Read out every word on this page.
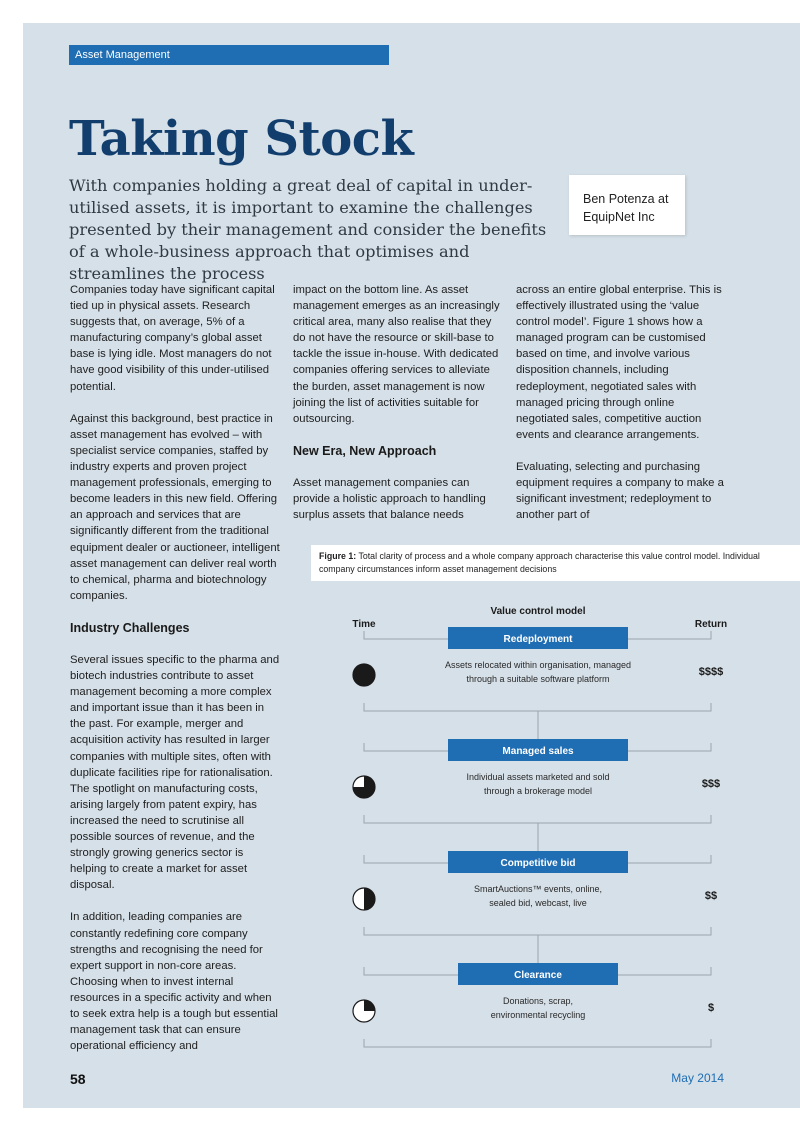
Asset Management
Taking Stock

With companies holding a great deal of capital in under-utilised assets, it is important to examine the challenges presented by their management and consider the benefits of a whole-business approach that optimises and streamlines the process

Ben Potenza at
EquipNet Inc

Companies today have significant capital tied up in physical assets. Research suggests that, on average, 5% of a manufacturing company’s global asset base is lying idle. Most managers do not have good visibility of this under-utilised potential.

Against this background, best practice in asset management has evolved – with specialist service companies, staffed by industry experts and proven project management professionals, emerging to become leaders in this new field. Offering an approach and services that are significantly different from the traditional equipment dealer or auctioneer, intelligent asset management can deliver real worth to chemical, pharma and biotechnology companies.

Industry Challenges

Several issues specific to the pharma and biotech industries contribute to asset management becoming a more complex and important issue than it has been in the past. For example, merger and acquisition activity has resulted in larger companies with multiple sites, often with duplicate facilities ripe for rationalisation. The spotlight on manufacturing costs, arising largely from patent expiry, has increased the need to scrutinise all possible sources of revenue, and the strongly growing generics sector is helping to create a market for asset disposal.

In addition, leading companies are constantly redefining core company strengths and recognising the need for expert support in non-core areas. Choosing when to invest internal resources in a specific activity and when to seek extra help is a tough but essential management task that can ensure operational efficiency and

impact on the bottom line. As asset management emerges as an increasingly critical area, many also realise that they do not have the resource or skill-base to tackle the issue in-house. With dedicated companies offering services to alleviate the burden, asset management is now joining the list of activities suitable for outsourcing.

New Era, New Approach

Asset management companies can provide a holistic approach to handling surplus assets that balance needs

across an entire global enterprise. This is effectively illustrated using the ‘value control model’. Figure 1 shows how a managed program can be customised based on time, and involve various disposition channels, including redeployment, negotiated sales with managed pricing through online negotiated sales, competitive auction events and clearance arrangements.

Evaluating, selecting and purchasing equipment requires a company to make a significant investment; redeployment to another part of

Figure 1: Total clarity of process and a whole company approach characterise this value control model. Individual company circumstances inform asset management decisions
Value control model
Time	Return
Redeployment
Assets relocated within organisation, managed
through a suitable software platform
$$$$
Managed sales
Individual assets marketed and sold
through a brokerage model
$$$
Competitive bid
SmartAuctions™ events, online,
sealed bid, webcast, live
$$
Clearance
Donations, scrap,
environmental recycling
$
58	May 2014
